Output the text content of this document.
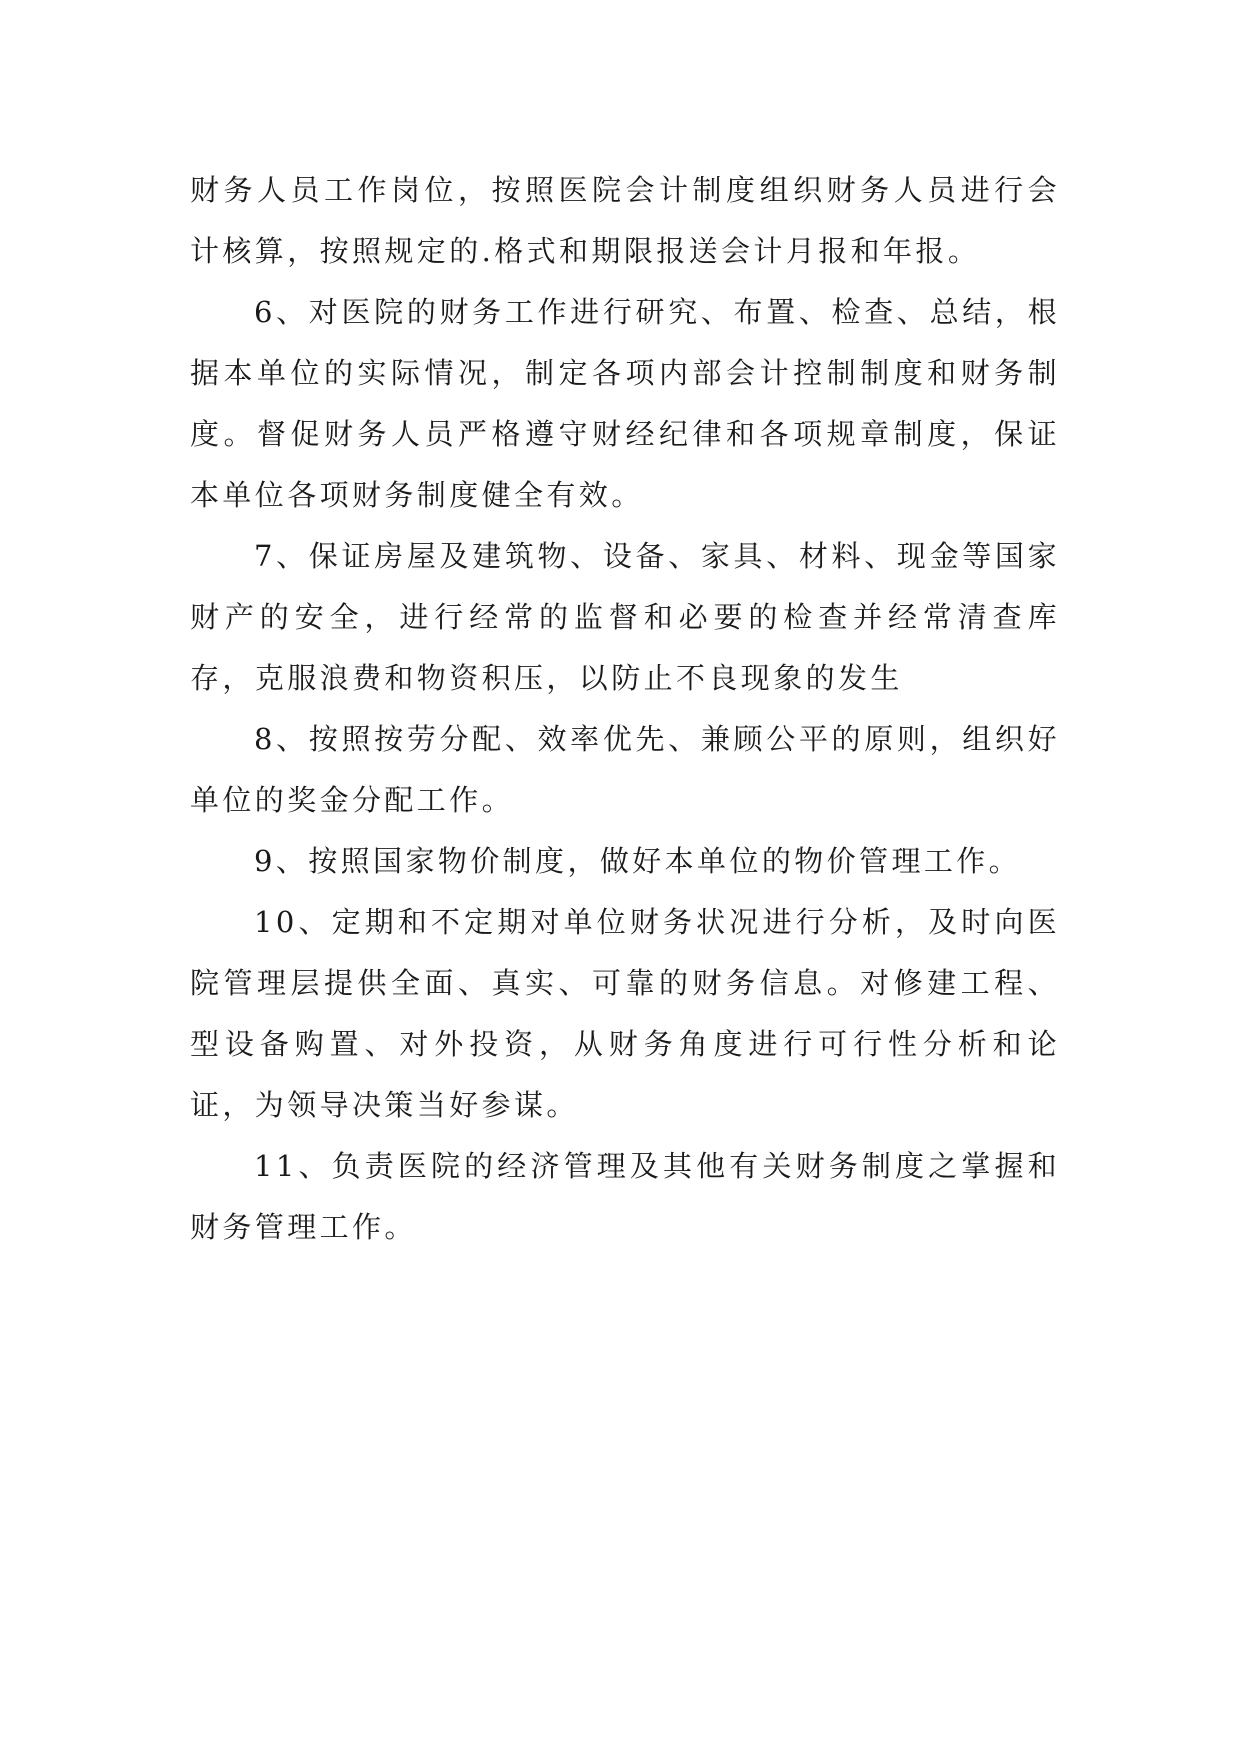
财务人员工作岗位，按照医院会计制度组织财务人员进行会计核算，按照规定的.格式和期限报送会计月报和年报。

6、对医院的财务工作进行研究、布置、检查、总结，根据本单位的实际情况，制定各项内部会计控制制度和财务制度。督促财务人员严格遵守财经纪律和各项规章制度，保证本单位各项财务制度健全有效。

7、保证房屋及建筑物、设备、家具、材料、现金等国家财产的安全，进行经常的监督和必要的检查并经常清查库存，克服浪费和物资积压，以防止不良现象的发生

8、按照按劳分配、效率优先、兼顾公平的原则，组织好单位的奖金分配工作。

9、按照国家物价制度，做好本单位的物价管理工作。

10、定期和不定期对单位财务状况进行分析，及时向医院管理层提供全面、真实、可靠的财务信息。对修建工程、型设备购置、对外投资，从财务角度进行可行性分析和论证，为领导决策当好参谋。

11、负责医院的经济管理及其他有关财务制度之掌握和财务管理工作。
